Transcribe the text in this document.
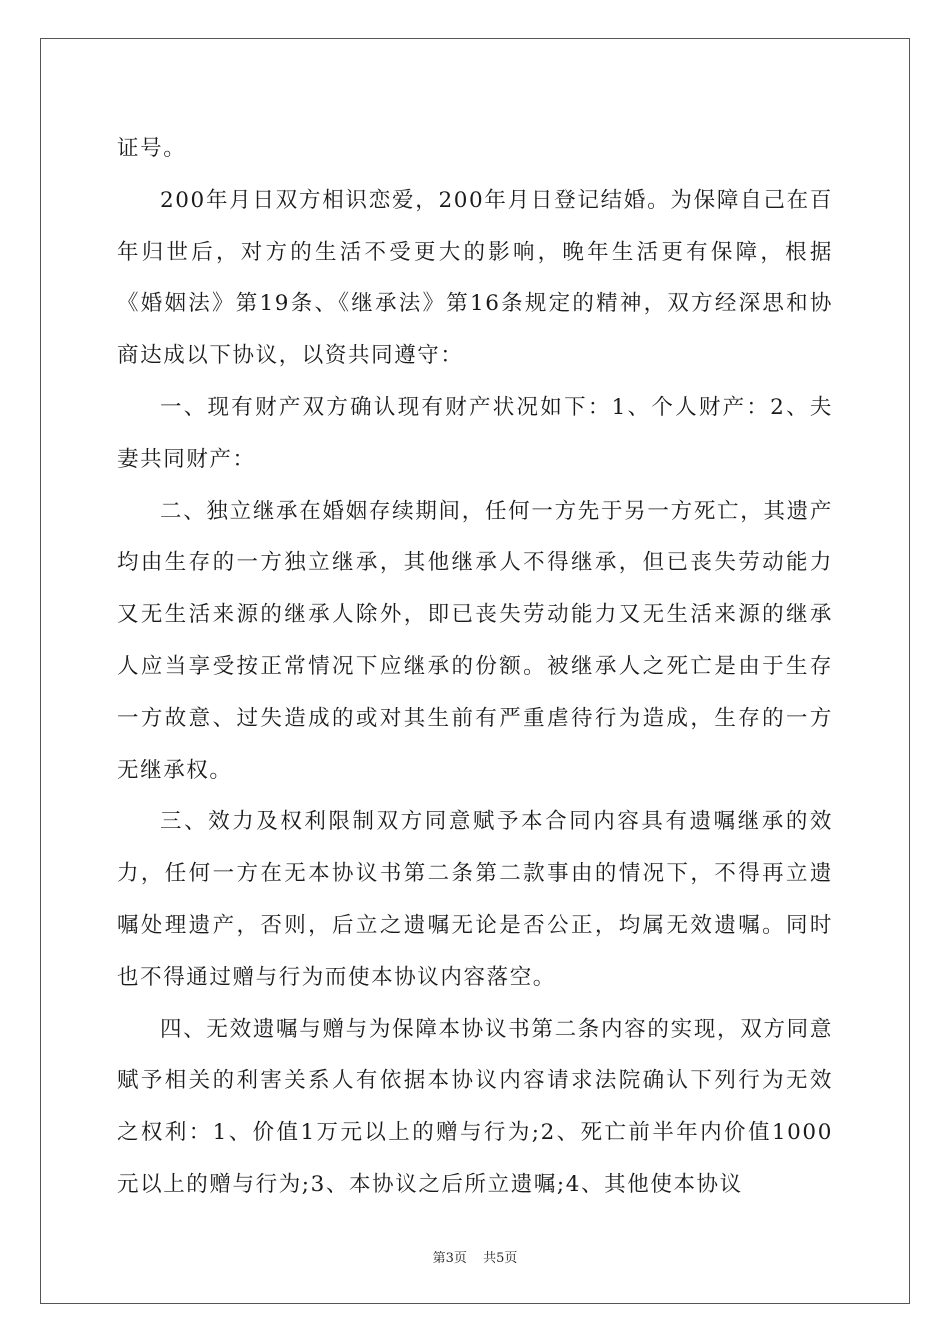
证号。

200年月日双方相识恋爱，200年月日登记结婚。为保障自己在百年归世后，对方的生活不受更大的影响，晚年生活更有保障，根据《婚姻法》第19条、《继承法》第16条规定的精神，双方经深思和协商达成以下协议，以资共同遵守：

一、现有财产双方确认现有财产状况如下：1、个人财产：2、夫妻共同财产：

二、独立继承在婚姻存续期间，任何一方先于另一方死亡，其遗产均由生存的一方独立继承，其他继承人不得继承，但已丧失劳动能力又无生活来源的继承人除外，即已丧失劳动能力又无生活来源的继承人应当享受按正常情况下应继承的份额。被继承人之死亡是由于生存一方故意、过失造成的或对其生前有严重虐待行为造成，生存的一方无继承权。

三、效力及权利限制双方同意赋予本合同内容具有遗嘱继承的效力，任何一方在无本协议书第二条第二款事由的情况下，不得再立遗嘱处理遗产，否则，后立之遗嘱无论是否公正，均属无效遗嘱。同时也不得通过赠与行为而使本协议内容落空。

四、无效遗嘱与赠与为保障本协议书第二条内容的实现，双方同意赋予相关的利害关系人有依据本协议内容请求法院确认下列行为无效之权利：1、价值1万元以上的赠与行为;2、死亡前半年内价值1000元以上的赠与行为;3、本协议之后所立遗嘱;4、其他使本协议

第3页 共5页
